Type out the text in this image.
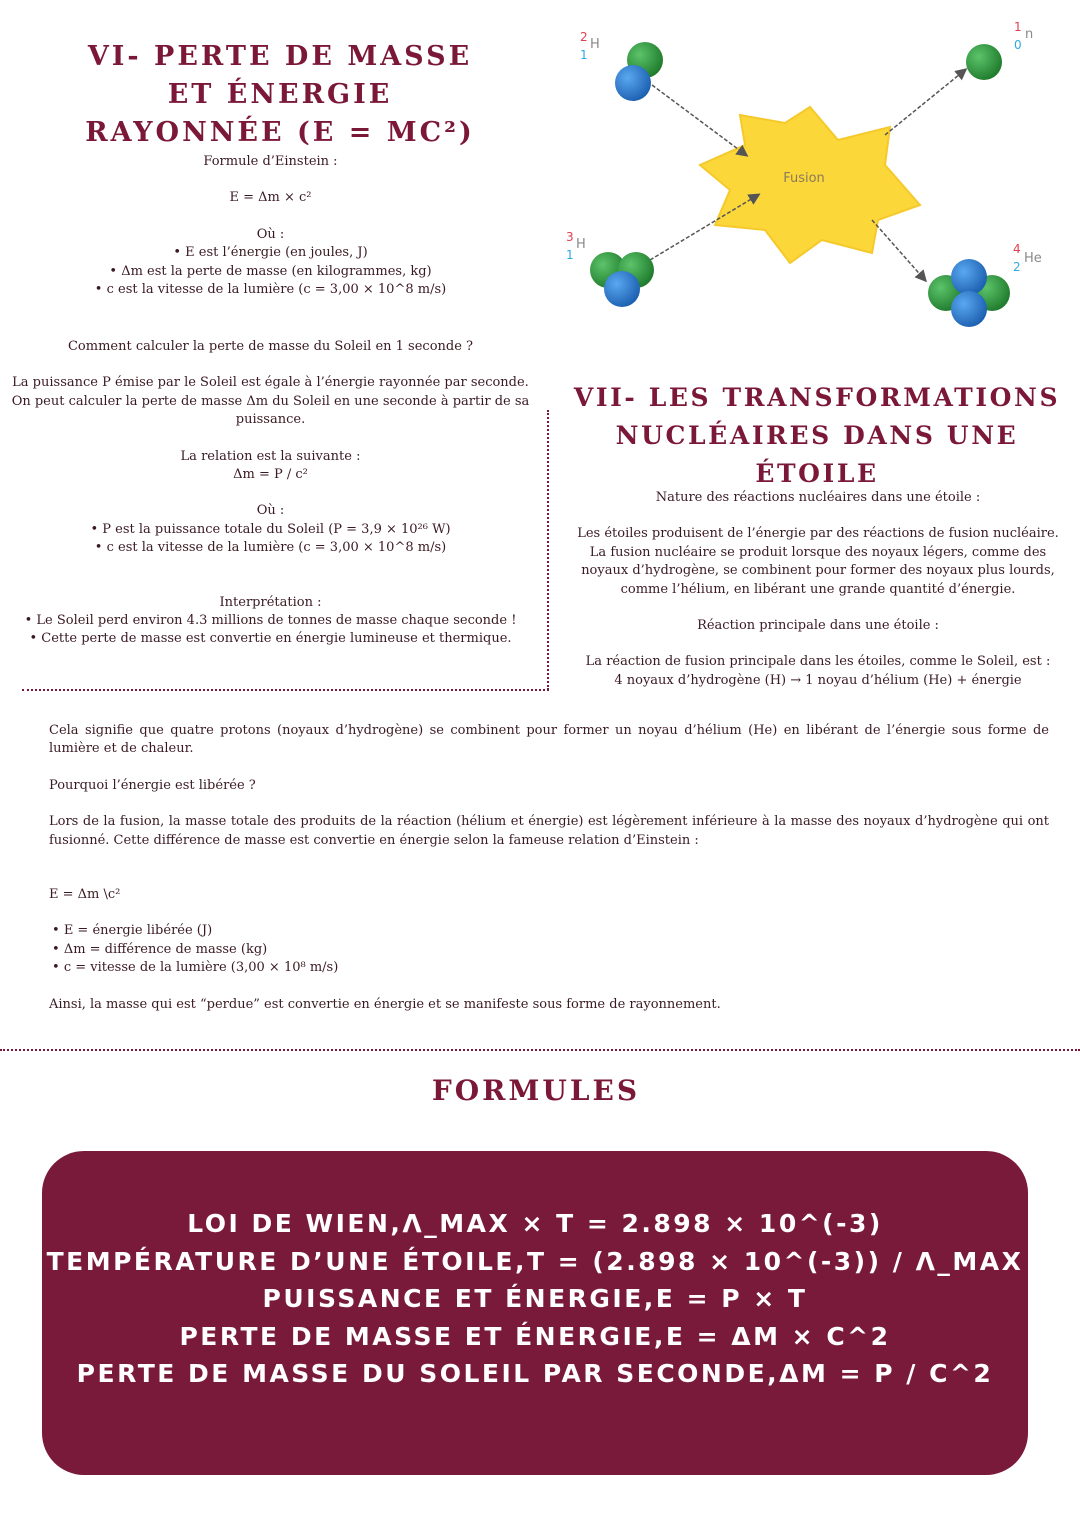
VI- PERTE DE MASSE ET ÉNERGIE RAYONNÉE (E = MC²)
Formule d’Einstein :
E = Δm × c²
Où :
• E est l’énergie (en joules, J)
• Δm est la perte de masse (en kilogrammes, kg)
• c est la vitesse de la lumière (c = 3,00 × 10^8 m/s)
Comment calculer la perte de masse du Soleil en 1 seconde ?
La puissance P émise par le Soleil est égale à l’énergie rayonnée par seconde. On peut calculer la perte de masse Δm du Soleil en une seconde à partir de sa puissance.
La relation est la suivante :
Δm = P / c²
Où :
• P est la puissance totale du Soleil (P = 3,9 × 10²⁶ W)
• c est la vitesse de la lumière (c = 3,00 × 10^8 m/s)
Interprétation :
• Le Soleil perd environ 4.3 millions de tonnes de masse chaque seconde !
• Cette perte de masse est convertie en énergie lumineuse et thermique.
Fusion
2
1
H
3
1
H
1
0
n
4
2
He
VII- LES TRANSFORMATIONS NUCLÉAIRES DANS UNE ÉTOILE
Nature des réactions nucléaires dans une étoile :
Les étoiles produisent de l’énergie par des réactions de fusion nucléaire. La fusion nucléaire se produit lorsque des noyaux légers, comme des noyaux d’hydrogène, se combinent pour former des noyaux plus lourds, comme l’hélium, en libérant une grande quantité d’énergie.
Réaction principale dans une étoile :
La réaction de fusion principale dans les étoiles, comme le Soleil, est :
4 noyaux d’hydrogène (H) → 1 noyau d’hélium (He) + énergie
Cela signifie que quatre protons (noyaux d’hydrogène) se combinent pour former un noyau d’hélium (He) en libérant de l’énergie sous forme de lumière et de chaleur.
Pourquoi l’énergie est libérée ?
Lors de la fusion, la masse totale des produits de la réaction (hélium et énergie) est légèrement inférieure à la masse des noyaux d’hydrogène qui ont fusionné. Cette différence de masse est convertie en énergie selon la fameuse relation d’Einstein :
E = Δm \c²
• E = énergie libérée (J)
• Δm = différence de masse (kg)
• c = vitesse de la lumière (3,00 × 10⁸ m/s)
Ainsi, la masse qui est “perdue” est convertie en énergie et se manifeste sous forme de rayonnement.
FORMULES
LOI DE WIEN,Λ_MAX × T = 2.898 × 10^(-3)
TEMPÉRATURE D’UNE ÉTOILE,T = (2.898 × 10^(-3)) / Λ_MAX
PUISSANCE ET ÉNERGIE,E = P × T
PERTE DE MASSE ET ÉNERGIE,E = ΔM × C^2
PERTE DE MASSE DU SOLEIL PAR SECONDE,ΔM = P / C^2
